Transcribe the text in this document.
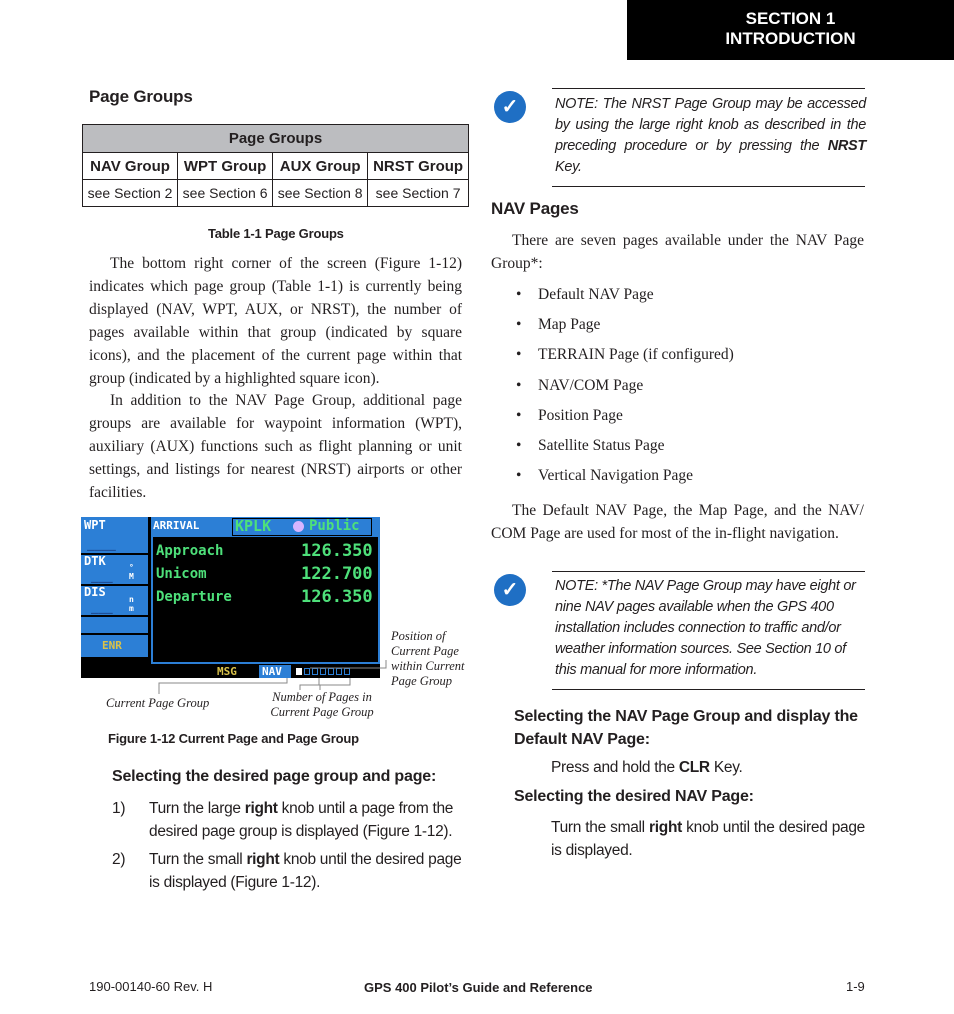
SECTION 1
INTRODUCTION
Page Groups
Page Groups			
NAV Group	WPT Group	AUX Group	NRST Group
see Section 2	see Section 6	see Section 8	see Section 7
Table 1-1 Page Groups
The bottom right corner of the screen (Figure 1-12) indicates which page group (Table 1-1) is currently being displayed (NAV, WPT, AUX, or NRST), the number of pages available within that group (indicated by square icons), and the placement of the current page within that group (indicated by a highlighted square icon).
In addition to the NAV Page Group, additional page groups are available for waypoint information (WPT), auxiliary (AUX) functions such as flight planning or unit settings, and listings for nearest (NRST) airports or other facilities.
WPT
____
DTK
___
°
M
DIS
___
n
m
ENR
ARRIVAL KPLK	Public
Approach	126.350
Unicom	122.700
Departure	126.350
MSG NAV
Position of Current Page within Current Page Group
Current Page Group	Number of Pages in Current Page Group
Figure 1-12 Current Page and Page Group
Selecting the desired page group and page:
1) Turn the large right knob until a page from the desired page group is displayed (Figure 1-12).
2) Turn the small right knob until the desired page is displayed (Figure 1-12).
✓	NOTE: The NRST Page Group may be accessed by using the large right knob as described in the preceding procedure or by pressing the NRST Key.
NAV Pages
There are seven pages available under the NAV Page Group*:
• Default NAV Page
• Map Page
• TERRAIN Page (if configured)
• NAV/COM Page
• Position Page
• Satellite Status Page
• Vertical Navigation Page
The Default NAV Page, the Map Page, and the NAV/ COM Page are used for most of the in-flight navigation.
✓	NOTE: *The NAV Page Group may have eight or nine NAV pages available when the GPS 400 installation includes connection to traffic and/or weather information sources. See Section 10 of this manual for more information.
Selecting the NAV Page Group and display the Default NAV Page:
Press and hold the CLR Key.
Selecting the desired NAV Page:
Turn the small right knob until the desired page is displayed.
190-00140-60 Rev. H	GPS 400 Pilot’s Guide and Reference	1-9
